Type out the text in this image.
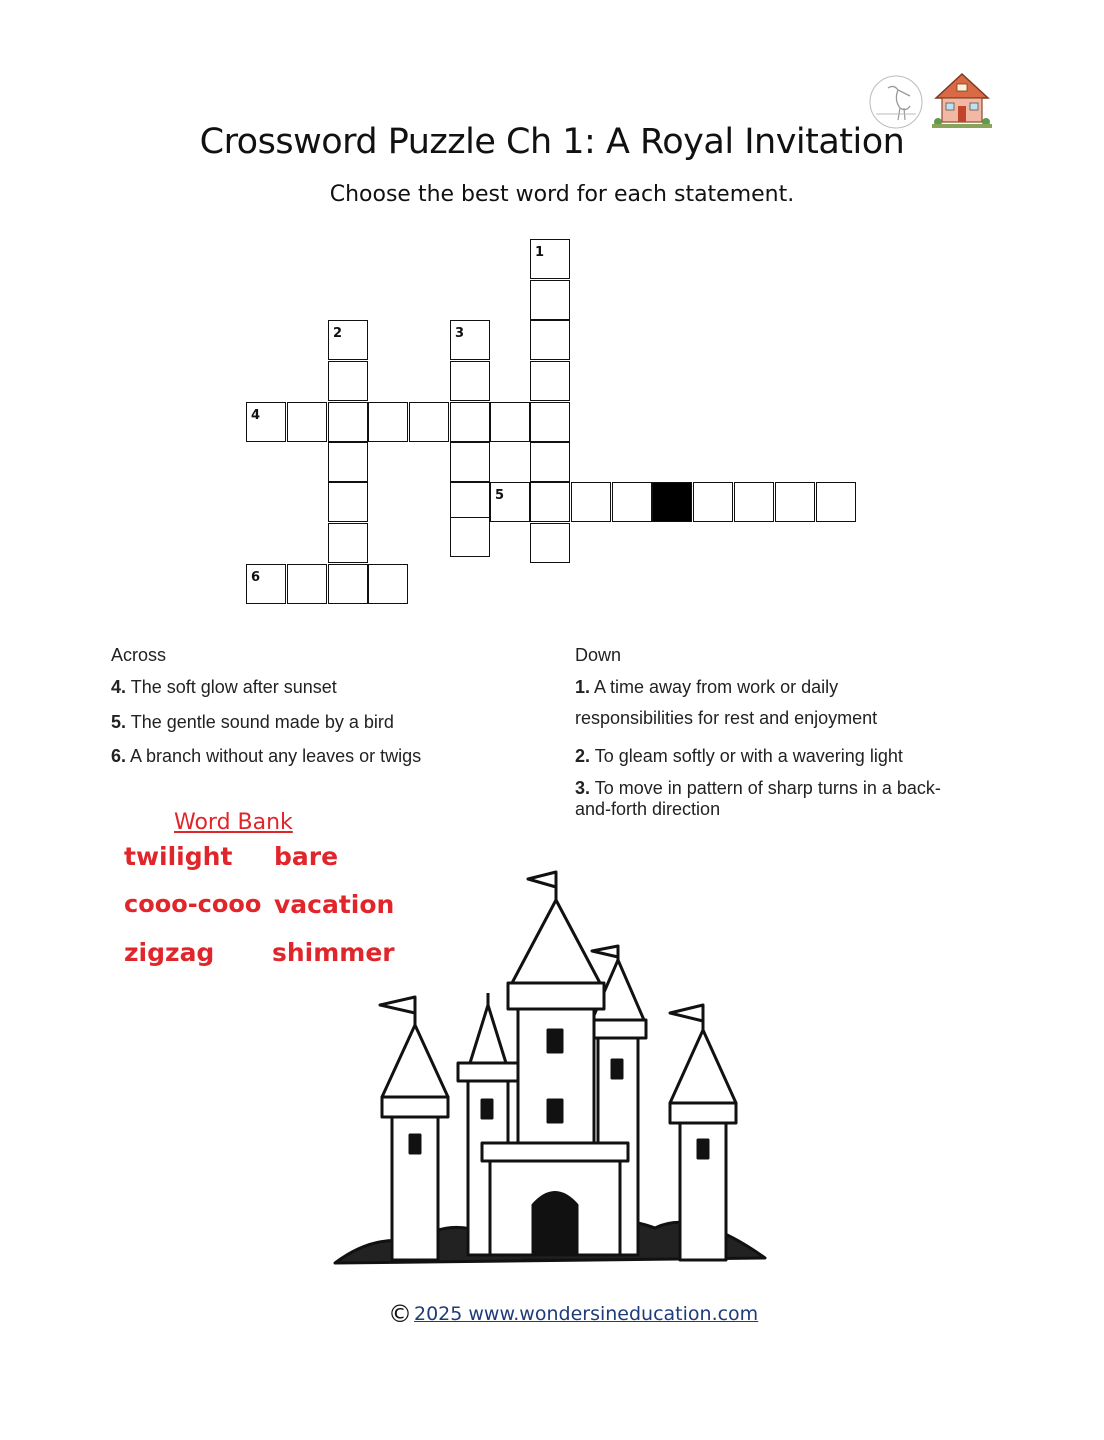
Crossword Puzzle Ch 1: A Royal Invitation
Choose the best word for each statement.
1
2	3
4
5
6
Across
4. The soft glow after sunset
5. The gentle sound made by a bird
6. A branch without any leaves or twigs
Down
1. A time away from work or daily responsibilities for rest and enjoyment
2. To gleam softly or with a wavering light
3. To move in pattern of sharp turns in a back-and-forth direction
Word Bank
twilight bare
cooo-cooo vacation
zigzag shimmer
© 2025 www.wondersineducation.com
